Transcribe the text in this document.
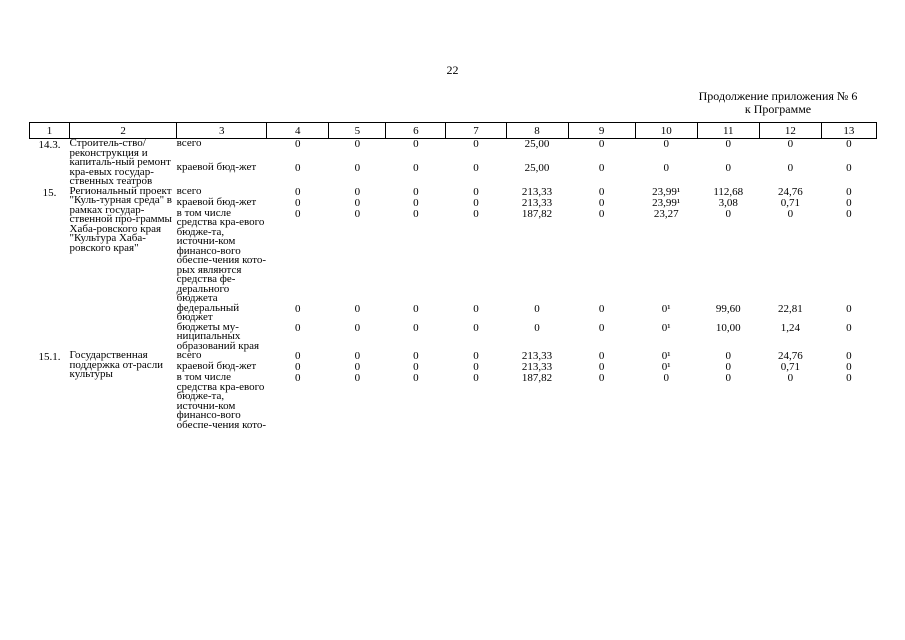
22
Продолжение приложения № 6
к Программе
1	2	3	4	5	6	7	8	9	10	11	12	13
14.3.	Строитель-ство/реконструкция и капиталь-ный ремонт кра-евых государ-ственных театров	всего	0	0	0	0	25,00	0	0	0	0	0
		краевой бюд-жет	0	0	0	0	25,00	0	0	0	0	0
15.	Региональный проект "Куль-турная среда" в рамках государ-ственной про-граммы Хаба-ровского края "Культура Хаба-ровского края"	всего	0	0	0	0	213,33	0	23,99¹	112,68	24,76	0
		краевой бюд-жет	0	0	0	0	213,33	0	23,99¹	3,08	0,71	0
		в том числе средства кра-евого бюдже-та, источни-ком финансо-вого обеспе-чения кото-рых являются средства фе-дерального бюджета	0	0	0	0	187,82	0	23,27	0	0	0
		федеральный бюджет	0	0	0	0	0	0	0¹	99,60	22,81	0
		бюджеты му-ниципальных образований края	0	0	0	0	0	0	0¹	10,00	1,24	0
15.1.	Государственная поддержка от-расли культуры	всего	0	0	0	0	213,33	0	0¹	0	24,76	0
		краевой бюд-жет	0	0	0	0	213,33	0	0¹	0	0,71	0
		в том числе средства кра-евого бюдже-та, источни-ком финансо-вого обеспе-чения кото-	0	0	0	0	187,82	0	0	0	0	0
